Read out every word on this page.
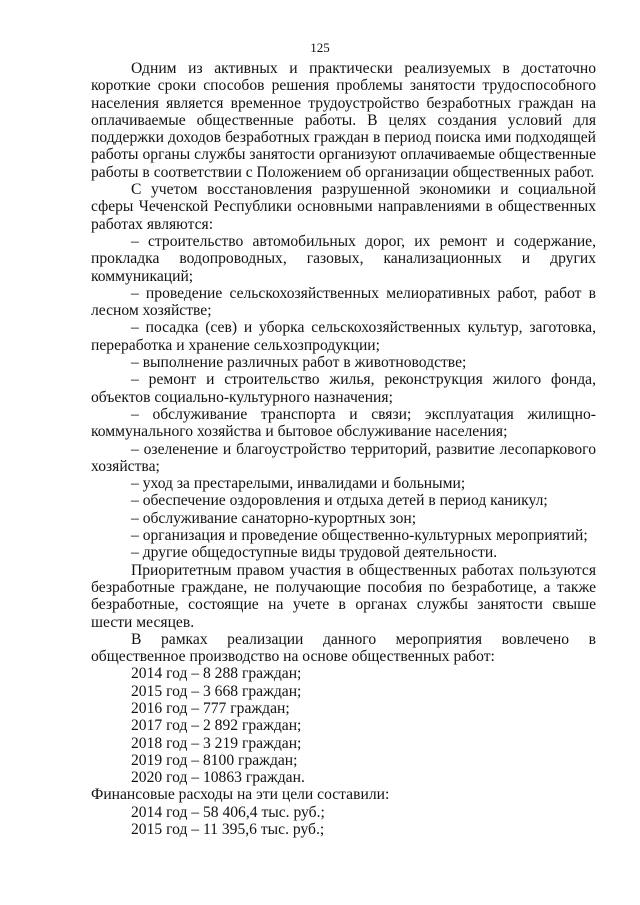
125

Одним из активных и практически реализуемых в достаточно короткие сроки способов решения проблемы занятости трудоспособного населения является временное трудоустройство безработных граждан на оплачиваемые общественные работы. В целях создания условий для поддержки доходов безработных граждан в период поиска ими подходящей работы органы службы занятости организуют оплачиваемые общественные работы в соответствии с Положением об организации общественных работ.

С учетом восстановления разрушенной экономики и социальной сферы Чеченской Республики основными направлениями в общественных работах являются:

– строительство автомобильных дорог, их ремонт и содержание, прокладка водопроводных, газовых, канализационных и других коммуникаций;

– проведение сельскохозяйственных мелиоративных работ, работ в лесном хозяйстве;

– посадка (сев) и уборка сельскохозяйственных культур, заготовка, переработка и хранение сельхозпродукции;

– выполнение различных работ в животноводстве;

– ремонт и строительство жилья, реконструкция жилого фонда, объектов социально-культурного назначения;

– обслуживание транспорта и связи; эксплуатация жилищно-коммунального хозяйства и бытовое обслуживание населения;

– озеленение и благоустройство территорий, развитие лесопаркового хозяйства;

– уход за престарелыми, инвалидами и больными;

– обеспечение оздоровления и отдыха детей в период каникул;

– обслуживание санаторно-курортных зон;

– организация и проведение общественно-культурных мероприятий;

– другие общедоступные виды трудовой деятельности.

Приоритетным правом участия в общественных работах пользуются безработные граждане, не получающие пособия по безработице, а также безработные, состоящие на учете в органах службы занятости свыше шести месяцев.

В рамках реализации данного мероприятия вовлечено в общественное производство на основе общественных работ:

2014 год – 8 288 граждан;

2015 год – 3 668 граждан;

2016 год – 777 граждан;

2017 год – 2 892 граждан;

2018 год – 3 219 граждан;

2019 год – 8100 граждан;

2020 год – 10863 граждан.

Финансовые расходы на эти цели составили:

2014 год – 58 406,4 тыс. руб.;

2015 год – 11 395,6 тыс. руб.;
